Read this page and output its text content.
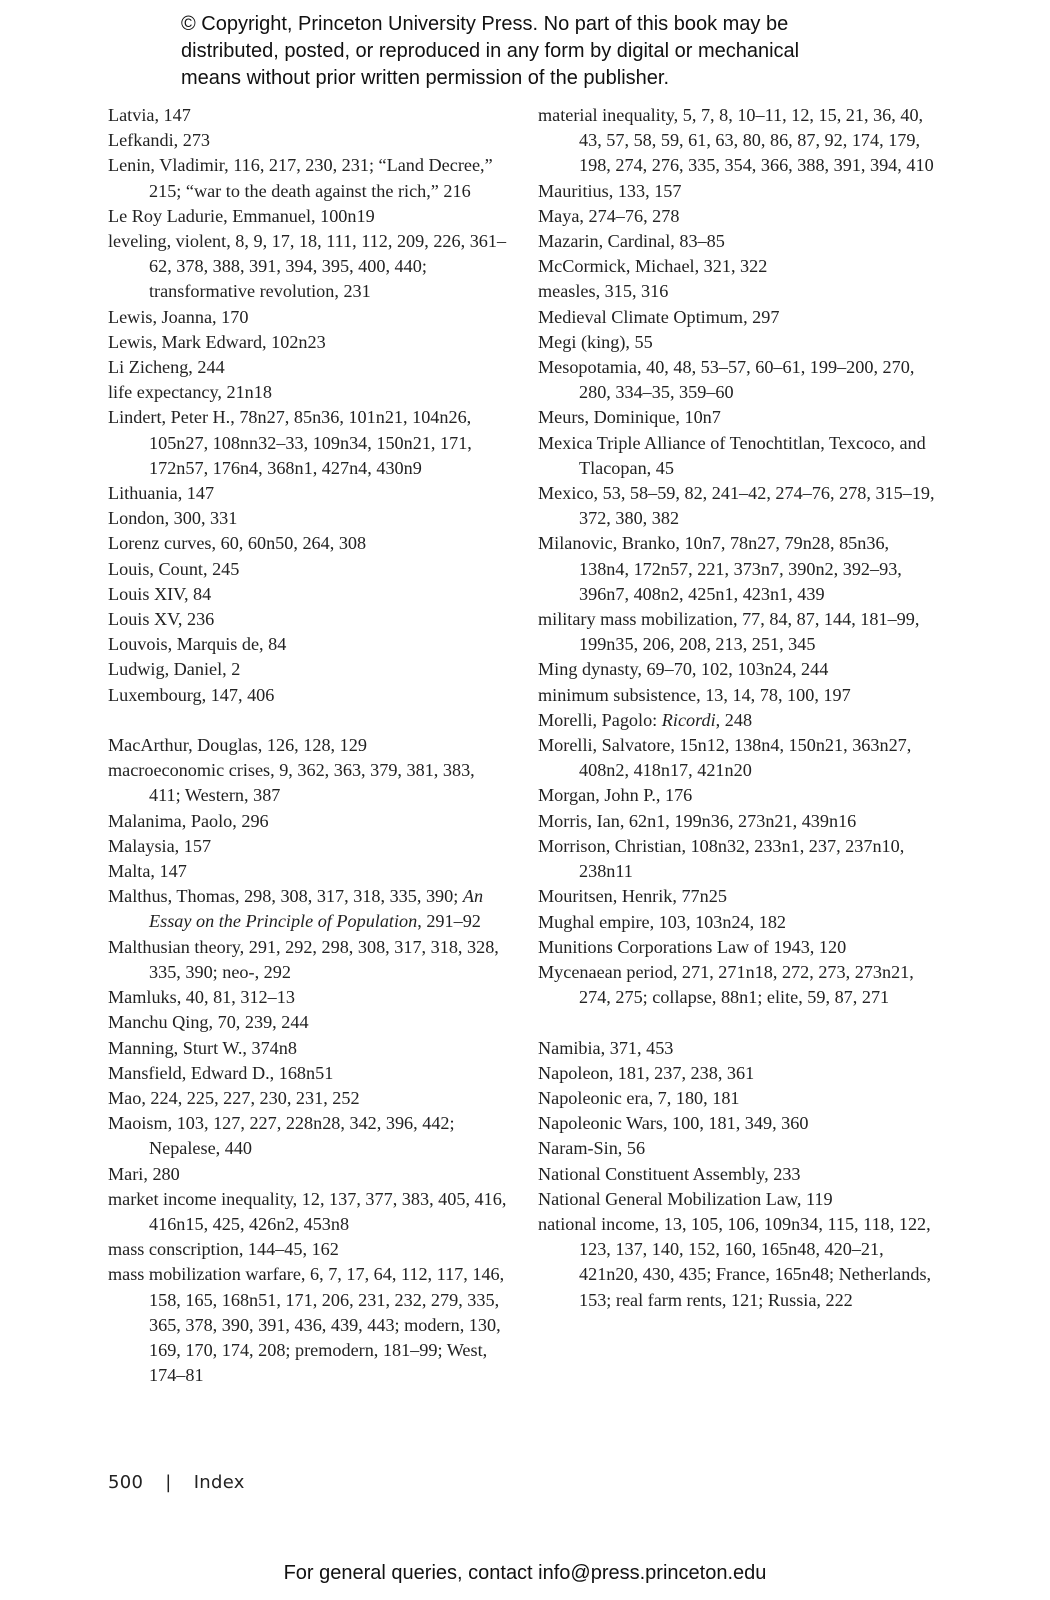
© Copyright, Princeton University Press. No part of this book may be
distributed, posted, or reproduced in any form by digital or mechanical
means without prior written permission of the publisher.
Latvia, 147
Lefkandi, 273
Lenin, Vladimir, 116, 217, 230, 231; “Land Decree,” 215; “war to the death against the rich,” 216
Le Roy Ladurie, Emmanuel, 100n19
leveling, violent, 8, 9, 17, 18, 111, 112, 209, 226, 361–62, 378, 388, 391, 394, 395, 400, 440; transformative revolution, 231
Lewis, Joanna, 170
Lewis, Mark Edward, 102n23
Li Zicheng, 244
life expectancy, 21n18
Lindert, Peter H., 78n27, 85n36, 101n21, 104n26, 105n27, 108nn32–33, 109n34, 150n21, 171, 172n57, 176n4, 368n1, 427n4, 430n9
Lithuania, 147
London, 300, 331
Lorenz curves, 60, 60n50, 264, 308
Louis, Count, 245
Louis XIV, 84
Louis XV, 236
Louvois, Marquis de, 84
Ludwig, Daniel, 2
Luxembourg, 147, 406
MacArthur, Douglas, 126, 128, 129
macroeconomic crises, 9, 362, 363, 379, 381, 383, 411; Western, 387
Malanima, Paolo, 296
Malaysia, 157
Malta, 147
Malthus, Thomas, 298, 308, 317, 318, 335, 390; An Essay on the Principle of Population, 291–92
Malthusian theory, 291, 292, 298, 308, 317, 318, 328, 335, 390; neo-, 292
Mamluks, 40, 81, 312–13
Manchu Qing, 70, 239, 244
Manning, Sturt W., 374n8
Mansfield, Edward D., 168n51
Mao, 224, 225, 227, 230, 231, 252
Maoism, 103, 127, 227, 228n28, 342, 396, 442; Nepalese, 440
Mari, 280
market income inequality, 12, 137, 377, 383, 405, 416, 416n15, 425, 426n2, 453n8
mass conscription, 144–45, 162
mass mobilization warfare, 6, 7, 17, 64, 112, 117, 146, 158, 165, 168n51, 171, 206, 231, 232, 279, 335, 365, 378, 390, 391, 436, 439, 443; modern, 130, 169, 170, 174, 208; premodern, 181–99; West, 174–81
material inequality, 5, 7, 8, 10–11, 12, 15, 21, 36, 40, 43, 57, 58, 59, 61, 63, 80, 86, 87, 92, 174, 179, 198, 274, 276, 335, 354, 366, 388, 391, 394, 410
Mauritius, 133, 157
Maya, 274–76, 278
Mazarin, Cardinal, 83–85
McCormick, Michael, 321, 322
measles, 315, 316
Medieval Climate Optimum, 297
Megi (king), 55
Mesopotamia, 40, 48, 53–57, 60–61, 199–200, 270, 280, 334–35, 359–60
Meurs, Dominique, 10n7
Mexica Triple Alliance of Tenochtitlan, Texcoco, and Tlacopan, 45
Mexico, 53, 58–59, 82, 241–42, 274–76, 278, 315–19, 372, 380, 382
Milanovic, Branko, 10n7, 78n27, 79n28, 85n36, 138n4, 172n57, 221, 373n7, 390n2, 392–93, 396n7, 408n2, 425n1, 423n1, 439
military mass mobilization, 77, 84, 87, 144, 181–99, 199n35, 206, 208, 213, 251, 345
Ming dynasty, 69–70, 102, 103n24, 244
minimum subsistence, 13, 14, 78, 100, 197
Morelli, Pagolo: Ricordi, 248
Morelli, Salvatore, 15n12, 138n4, 150n21, 363n27, 408n2, 418n17, 421n20
Morgan, John P., 176
Morris, Ian, 62n1, 199n36, 273n21, 439n16
Morrison, Christian, 108n32, 233n1, 237, 237n10, 238n11
Mouritsen, Henrik, 77n25
Mughal empire, 103, 103n24, 182
Munitions Corporations Law of 1943, 120
Mycenaean period, 271, 271n18, 272, 273, 273n21, 274, 275; collapse, 88n1; elite, 59, 87, 271
Namibia, 371, 453
Napoleon, 181, 237, 238, 361
Napoleonic era, 7, 180, 181
Napoleonic Wars, 100, 181, 349, 360
Naram-Sin, 56
National Constituent Assembly, 233
National General Mobilization Law, 119
national income, 13, 105, 106, 109n34, 115, 118, 122, 123, 137, 140, 152, 160, 165n48, 420–21, 421n20, 430, 435; France, 165n48; Netherlands, 153; real farm rents, 121; Russia, 222
500 | Index
For general queries, contact info@press.princeton.edu
